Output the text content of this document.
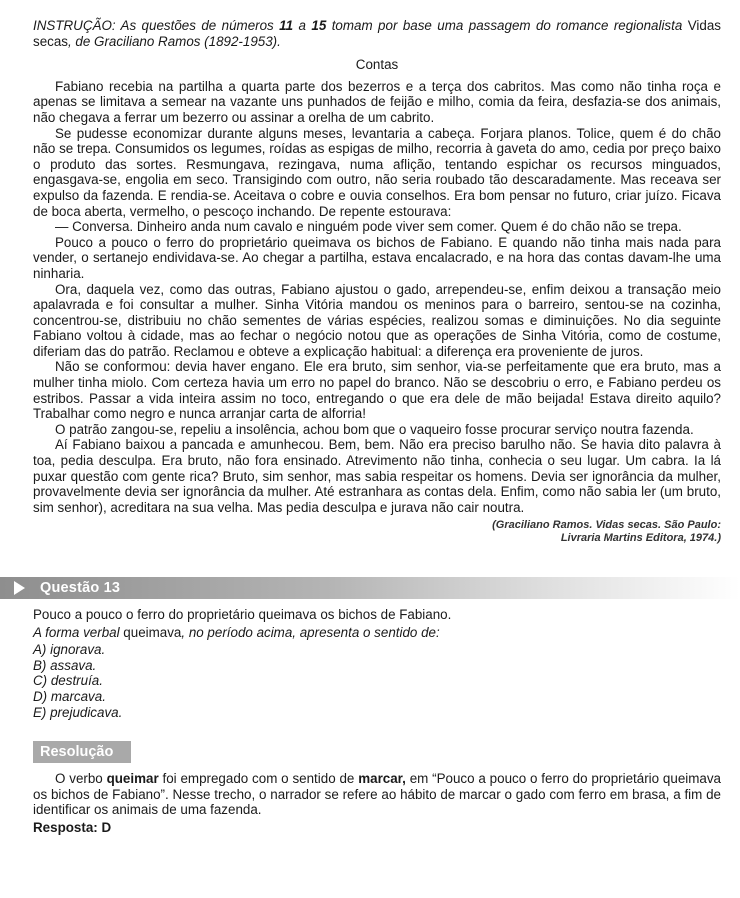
INSTRUÇÃO: As questões de números 11 a 15 tomam por base uma passagem do romance regionalista Vidas secas, de Graciliano Ramos (1892-1953).

Contas

Fabiano recebia na partilha a quarta parte dos bezerros e a terça dos cabritos. Mas como não tinha roça e apenas se limitava a semear na vazante uns punhados de feijão e milho, comia da feira, desfazia-se dos animais, não chegava a ferrar um bezerro ou assinar a orelha de um cabrito.

Se pudesse economizar durante alguns meses, levantaria a cabeça. Forjara planos. Tolice, quem é do chão não se trepa. Consumidos os legumes, roídas as espigas de milho, recorria à gaveta do amo, cedia por preço baixo o produto das sortes. Resmungava, rezingava, numa aflição, tentando espichar os recursos minguados, engasgava-se, engolia em seco. Transigindo com outro, não seria roubado tão descaradamente. Mas receava ser expulso da fazenda. E rendia-se. Aceitava o cobre e ouvia conselhos. Era bom pensar no futuro, criar juízo. Ficava de boca aberta, vermelho, o pescoço inchando. De repente estourava:

— Conversa. Dinheiro anda num cavalo e ninguém pode viver sem comer. Quem é do chão não se trepa.

Pouco a pouco o ferro do proprietário queimava os bichos de Fabiano. E quando não tinha mais nada para vender, o sertanejo endividava-se. Ao chegar a partilha, estava encalacrado, e na hora das contas davam-lhe uma ninharia.

Ora, daquela vez, como das outras, Fabiano ajustou o gado, arrependeu-se, enfim deixou a transação meio apalavrada e foi consultar a mulher. Sinha Vitória mandou os meninos para o barreiro, sentou-se na cozinha, concentrou-se, distribuiu no chão sementes de várias espécies, realizou somas e diminuições. No dia seguinte Fabiano voltou à cidade, mas ao fechar o negócio notou que as operações de Sinha Vitória, como de costume, diferiam das do patrão. Reclamou e obteve a explicação habitual: a diferença era proveniente de juros.

Não se conformou: devia haver engano. Ele era bruto, sim senhor, via-se perfeitamente que era bruto, mas a mulher tinha miolo. Com certeza havia um erro no papel do branco. Não se descobriu o erro, e Fabiano perdeu os estribos. Passar a vida inteira assim no toco, entregando o que era dele de mão beijada! Estava direito aquilo? Trabalhar como negro e nunca arranjar carta de alforria!

O patrão zangou-se, repeliu a insolência, achou bom que o vaqueiro fosse procurar serviço noutra fazenda.

Aí Fabiano baixou a pancada e amunhecou. Bem, bem. Não era preciso barulho não. Se havia dito palavra à toa, pedia desculpa. Era bruto, não fora ensinado. Atrevimento não tinha, conhecia o seu lugar. Um cabra. Ia lá puxar questão com gente rica? Bruto, sim senhor, mas sabia respeitar os homens. Devia ser ignorância da mulher, provavelmente devia ser ignorância da mulher. Até estranhara as contas dela. Enfim, como não sabia ler (um bruto, sim senhor), acreditara na sua velha. Mas pedia desculpa e jurava não cair noutra.

(Graciliano Ramos. Vidas secas. São Paulo:
Livraria Martins Editora, 1974.)
Questão 13

Pouco a pouco o ferro do proprietário queimava os bichos de Fabiano.

A forma verbal queimava, no período acima, apresenta o sentido de:

A) ignorava.
B) assava.
C) destruía.
D) marcava.
E) prejudicava.

Resolução

O verbo queimar foi empregado com o sentido de marcar, em “Pouco a pouco o ferro do proprietário queimava os bichos de Fabiano”. Nesse trecho, o narrador se refere ao hábito de marcar o gado com ferro em brasa, a fim de identificar os animais de uma fazenda.

Resposta: D
